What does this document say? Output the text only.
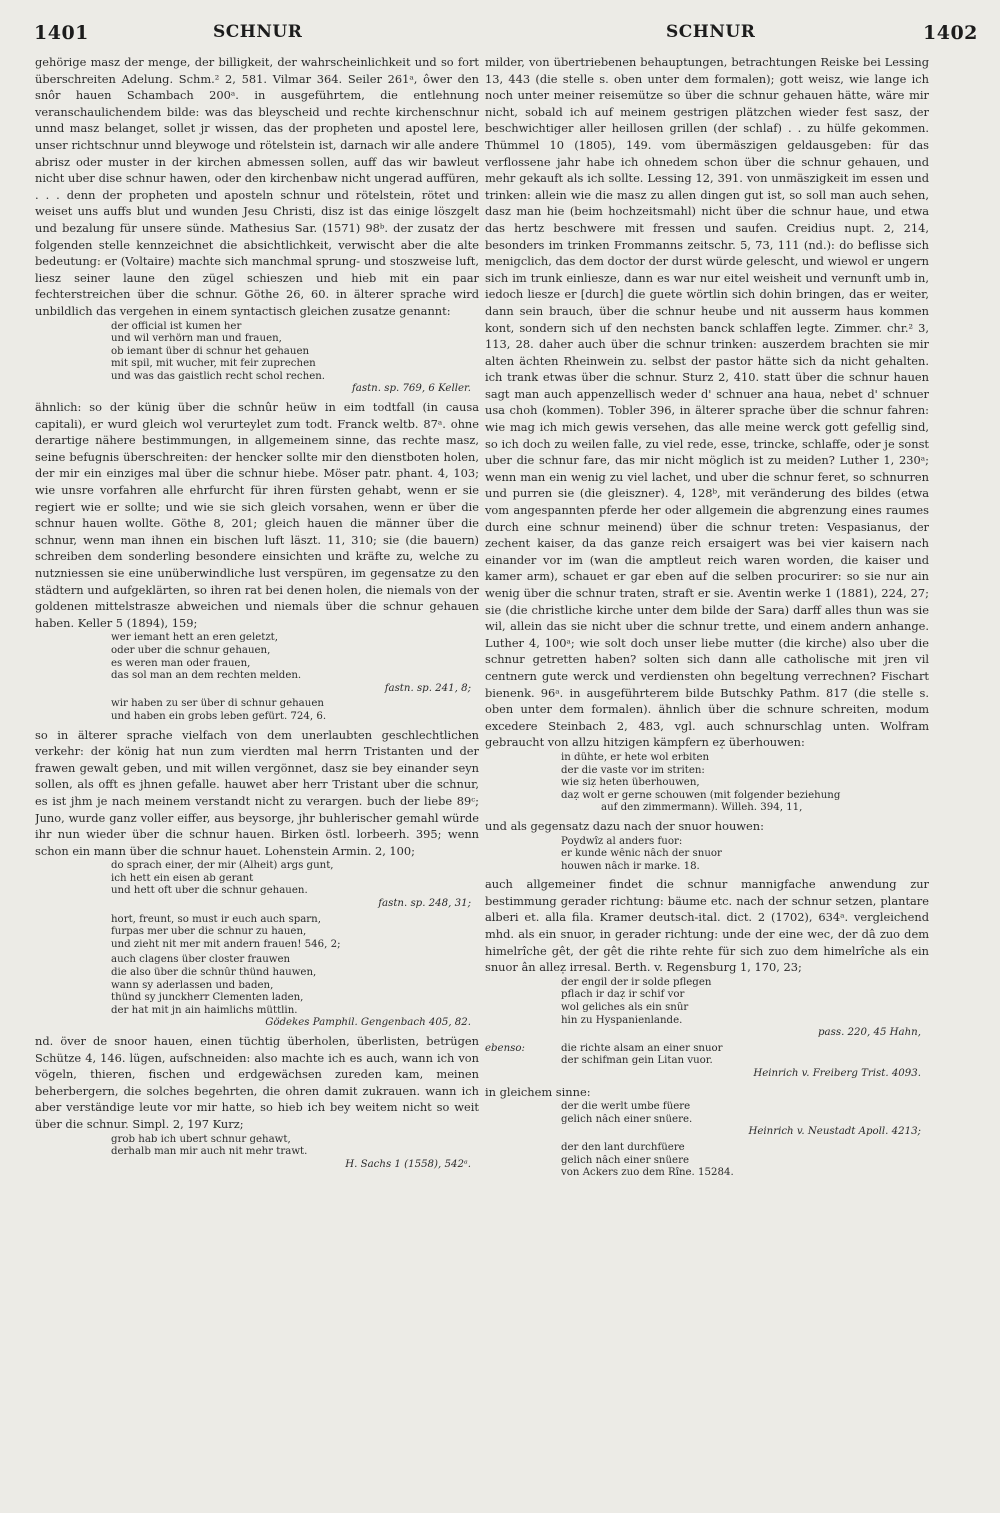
1401	SCHNUR	SCHNUR	1402

gehörige masz der menge, der billigkeit, der wahrscheinlichkeit und so fort überschreiten Adelung. Schm.² 2, 581. Vilmar 364. Seiler 261ᵃ, ôwer den snôr hauen Schambach 200ᵃ. in ausgeführtem, die entlehnung veranschaulichendem bilde: was das bleyscheid und rechte kirchenschnur unnd masz belanget, sollet jr wissen, das der propheten und apostel lere, unser richtschnur unnd bleywoge und rötelstein ist, darnach wir alle andere abrisz oder muster in der kirchen abmessen sollen, auff das wir bawleut nicht uber dise schnur hawen, oder den kirchenbaw nicht ungerad auffüren, . . . denn der propheten und aposteln schnur und rötelstein, rötet und weiset uns auffs blut und wunden Jesu Christi, disz ist das einige löszgelt und bezalung für unsere sünde. Mathesius Sar. (1571) 98ᵇ. der zusatz der folgenden stelle kennzeichnet die absichtlichkeit, verwischt aber die alte bedeutung: er (Voltaire) machte sich manchmal sprung- und stoszweise luft, liesz seiner laune den zügel schieszen und hieb mit ein paar fechterstreichen über die schnur. Göthe 26, 60. in älterer sprache wird unbildlich das vergehen in einem syntactisch gleichen zusatze genannt:

der official ist kumen her
und wil verhörn man und frauen,
ob iemant über di schnur het gehauen
mit spil, mit wucher, mit feir zuprechen
und was das gaistlich recht schol rechen.
fastn. sp. 769, 6 Keller.

ähnlich: so der künig über die schnûr heüw in eim todtfall (in causa capitali), er wurd gleich wol verurteylet zum todt. Franck weltb. 87ᵃ. ohne derartige nähere bestimmungen, in allgemeinem sinne, das rechte masz, seine befugnis überschreiten: der hencker sollte mir den dienstboten holen, der mir ein einziges mal über die schnur hiebe. Möser patr. phant. 4, 103; wie unsre vorfahren alle ehrfurcht für ihren fürsten gehabt, wenn er sie regiert wie er sollte; und wie sie sich gleich vorsahen, wenn er über die schnur hauen wollte. Göthe 8, 201; gleich hauen die männer über die schnur, wenn man ihnen ein bischen luft läszt. 11, 310; sie (die bauern) schreiben dem sonderling besondere einsichten und kräfte zu, welche zu nutzniessen sie eine unüberwindliche lust verspüren, im gegensatze zu den städtern und aufgeklärten, so ihren rat bei denen holen, die niemals von der goldenen mittelstrasze abweichen und niemals über die schnur gehauen haben. Keller 5 (1894), 159;

wer iemant hett an eren geletzt,
oder uber die schnur gehauen,
es weren man oder frauen,
das sol man an dem rechten melden.
fastn. sp. 241, 8;
wir haben zu ser über di schnur gehauen
und haben ein grobs leben gefürt. 724, 6.

so in älterer sprache vielfach von dem unerlaubten geschlechtlichen verkehr: der könig hat nun zum vierdten mal herrn Tristanten und der frawen gewalt geben, und mit willen vergönnet, dasz sie bey einander seyn sollen, als offt es jhnen gefalle. hauwet aber herr Tristant uber die schnur, es ist jhm je nach meinem verstandt nicht zu verargen. buch der liebe 89ᶜ; Juno, wurde ganz voller eiffer, aus beysorge, jhr buhlerischer gemahl würde ihr nun wieder über die schnur hauen. Birken östl. lorbeerh. 395; wenn schon ein mann über die schnur hauet. Lohenstein Armin. 2, 100;

do sprach einer, der mir (Alheit) args gunt,
ich hett ein eisen ab gerant
und hett oft uber die schnur gehauen.
fastn. sp. 248, 31;
hort, freunt, so must ir euch auch sparn,
furpas mer uber die schnur zu hauen,
und zieht nit mer mit andern frauen! 546, 2;
auch clagens über closter frauwen
die also über die schnûr thünd hauwen,
wann sy aderlassen und baden,
thünd sy junckherr Clementen laden,
der hat mit jn ain haimlichs müttlin.
Gödekes Pamphil. Gengenbach 405, 82.

nd. över de snoor hauen, einen tüchtig überholen, überlisten, betrügen Schütze 4, 146. lügen, aufschneiden: also machte ich es auch, wann ich von vögeln, thieren, fischen und erdgewächsen zureden kam, meinen beherbergern, die solches begehrten, die ohren damit zukrauen. wann ich aber verständige leute vor mir hatte, so hieb ich bey weitem nicht so weit über die schnur. Simpl. 2, 197 Kurz;

grob hab ich ubert schnur gehawt,
derhalb man mir auch nit mehr trawt.
H. Sachs 1 (1558), 542ᵃ.

milder, von übertriebenen behauptungen, betrachtungen Reiske bei Lessing 13, 443 (die stelle s. oben unter dem formalen); gott weisz, wie lange ich noch unter meiner reisemütze so über die schnur gehauen hätte, wäre mir nicht, sobald ich auf meinem gestrigen plätzchen wieder fest sasz, der beschwichtiger aller heillosen grillen (der schlaf) . . zu hülfe gekommen. Thümmel 10 (1805), 149. vom übermäszigen geldausgeben: für das verflossene jahr habe ich ohnedem schon über die schnur gehauen, und mehr gekauft als ich sollte. Lessing 12, 391. von unmäszigkeit im essen und trinken: allein wie die masz zu allen dingen gut ist, so soll man auch sehen, dasz man hie (beim hochzeitsmahl) nicht über die schnur haue, und etwa das hertz beschwere mit fressen und saufen. Creidius nupt. 2, 214, besonders im trinken Frommanns zeitschr. 5, 73, 111 (nd.): do beflisse sich menigclich, das dem doctor der durst würde gelescht, und wiewol er ungern sich im trunk einliesze, dann es war nur eitel weisheit und vernunft umb in, iedoch liesze er [durch] die guete wörtlin sich dohin bringen, das er weiter, dann sein brauch, über die schnur heube und nit ausserm haus kommen kont, sondern sich uf den nechsten banck schlaffen legte. Zimmer. chr.² 3, 113, 28. daher auch über die schnur trinken: auszerdem brachten sie mir alten ächten Rheinwein zu. selbst der pastor hätte sich da nicht gehalten. ich trank etwas über die schnur. Sturz 2, 410. statt über die schnur hauen sagt man auch appenzellisch weder d' schnuer ana haua, nebet d' schnuer usa choh (kommen). Tobler 396, in älterer sprache über die schnur fahren: wie mag ich mich gewis versehen, das alle meine werck gott gefellig sind, so ich doch zu weilen falle, zu viel rede, esse, trincke, schlaffe, oder je sonst uber die schnur fare, das mir nicht möglich ist zu meiden? Luther 1, 230ᵃ; wenn man ein wenig zu viel lachet, und uber die schnur feret, so schnurren und purren sie (die gleiszner). 4, 128ᵇ, mit veränderung des bildes (etwa vom angespannten pferde her oder allgemein die abgrenzung eines raumes durch eine schnur meinend) über die schnur treten: Vespasianus, der zechent kaiser, da das ganze reich ersaigert was bei vier kaisern nach einander vor im (wan die amptleut reich waren worden, die kaiser und kamer arm), schauet er gar eben auf die selben procurirer: so sie nur ain wenig über die schnur traten, straft er sie. Aventin werke 1 (1881), 224, 27; sie (die christliche kirche unter dem bilde der Sara) darff alles thun was sie wil, allein das sie nicht uber die schnur trette, und einem andern anhange. Luther 4, 100ᵃ; wie solt doch unser liebe mutter (die kirche) also uber die schnur getretten haben? solten sich dann alle catholische mit jren vil centnern gute werck und verdiensten ohn begeltung verrechnen? Fischart bienenk. 96ᵃ. in ausgeführterem bilde Butschky Pathm. 817 (die stelle s. oben unter dem formalen). ähnlich über die schnure schreiten, modum excedere Steinbach 2, 483, vgl. auch schnurschlag unten. Wolfram gebraucht von allzu hitzigen kämpfern eẓ überhouwen:

in dûhte, er hete wol erbiten
der die vaste vor im striten:
wie siẓ heten überhouwen,
daẓ wolt er gerne schouwen (mit folgender beziehung
auf den zimmermann). Willeh. 394, 11,

und als gegensatz dazu nach der snuor houwen:

Poydwîz al anders fuor:
er kunde wênic nâch der snuor
houwen nâch ir marke. 18.

auch allgemeiner findet die schnur mannigfache anwendung zur bestimmung gerader richtung: bäume etc. nach der schnur setzen, plantare alberi et. alla fila. Kramer deutsch-ital. dict. 2 (1702), 634ᵃ. vergleichend mhd. als ein snuor, in gerader richtung: unde der eine wec, der dâ zuo dem himelrîche gêt, der gêt die rihte rehte für sich zuo dem himelrîche als ein snuor ân alleẓ irresal. Berth. v. Regensburg 1, 170, 23;

der engil der ir solde pflegen
pflach ir daẓ ir schif vor
wol geliches als ein snûr
hin zu Hyspanienlande.
pass. 220, 45 Hahn,
ebenso:	die richte alsam an einer snuor
der schifman gein Litan vuor.
Heinrich v. Freiberg Trist. 4093.

in gleichem sinne:

der die werlt umbe füere
gelich nâch einer snüere.
Heinrich v. Neustadt Apoll. 4213;
der den lant durchfüere
gelich nâch einer snüere
von Ackers zuo dem Rîne. 15284.
